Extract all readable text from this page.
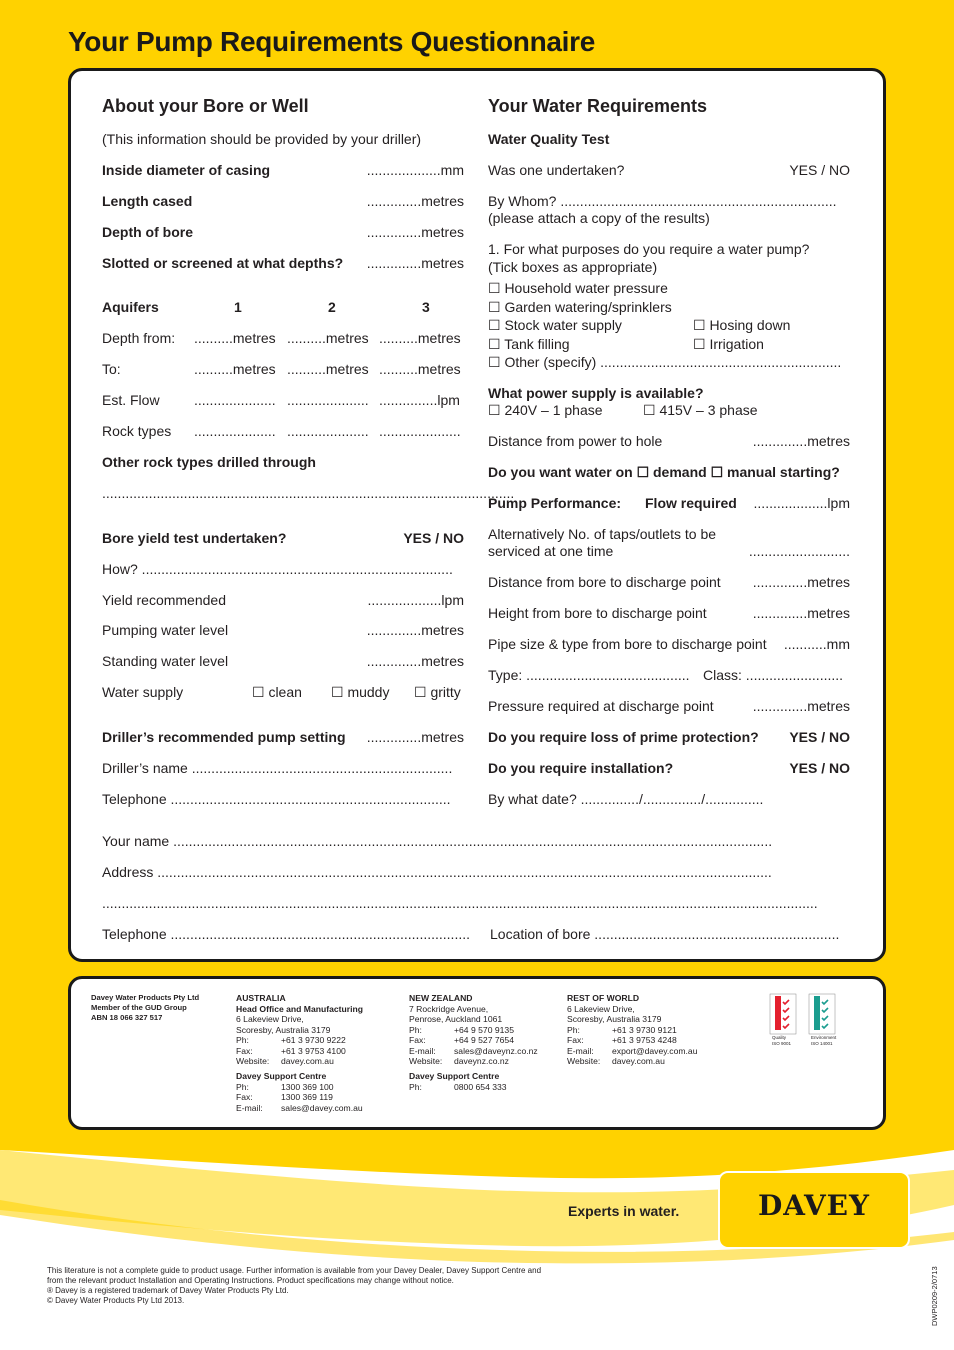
Your Pump Requirements Questionnaire
About your Bore or Well
(This information should be provided by your driller)
Inside diameter of casing	...................mm
Length cased	..............metres
Depth of bore	..............metres
Slotted or screened at what depths?	..............metres
Aquifers	1	2	3
Depth from: ..........metres ..........metres ..........metres
To:	..........metres ..........metres ..........metres
Est. Flow ..................... ..................... ...............lpm
Rock types ..................... ..................... .....................
Other rock types drilled through
..........................................................................................................
Bore yield test undertaken?	YES / NO
How? ................................................................................
Yield recommended	...................lpm
Pumping water level	..............metres
Standing water level	..............metres
Water supply	☐ clean ☐ muddy ☐ gritty
Driller’s recommended pump setting	..............metres
Driller’s name ...................................................................
Telephone ........................................................................
Your Water Requirements
Water Quality Test
Was one undertaken?	YES / NO
By Whom? .......................................................................
(please attach a copy of the results)
1. For what purposes do you require a water pump?
(Tick boxes as appropriate)
☐ Household water pressure
☐ Garden watering/sprinklers
☐ Stock water supply	☐ Hosing down
☐ Tank filling	☐ Irrigation
☐ Other (specify) ..............................................................
What power supply is available?
☐ 240V – 1 phase	☐ 415V – 3 phase
Distance from power to hole	..............metres
Do you want water on ☐ demand ☐ manual starting?
Pump Performance: Flow required	...................lpm
Alternatively No. of taps/outlets to be
serviced at one time	..........................
Distance from bore to discharge point	..............metres
Height from bore to discharge point	..............metres
Pipe size & type from bore to discharge point	...........mm
Type: .......................................... Class: .........................
Pressure required at discharge point	..............metres
Do you require loss of prime protection?	YES / NO
Do you require installation?	YES / NO
By what date? .............../.............../...............
Your name ..........................................................................................................................................................
Address ..............................................................................................................................................................
........................................................................................................................................................................................
Telephone .............................................................................	Location of bore ...............................................................
Davey Water Products Pty Ltd
Member of the GUD Group
ABN 18 066 327 517
AUSTRALIA
Head Office and Manufacturing
6 Lakeview Drive,
Scoresby, Australia 3179
Ph:	+61 3 9730 9222
Fax:	+61 3 9753 4100
Website: davey.com.au
Davey Support Centre
Ph:	1300 369 100
Fax:	1300 369 119
E-mail: sales@davey.com.au
NEW ZEALAND
7 Rockridge Avenue,
Penrose, Auckland 1061
Ph:	+64 9 570 9135
Fax:	+64 9 527 7654
E-mail: sales@daveynz.co.nz
Website: daveynz.co.nz
Davey Support Centre
Ph:	0800 654 333
REST OF WORLD
6 Lakeview Drive,
Scoresby, Australia 3179
Ph:	+61 3 9730 9121
Fax:	+61 3 9753 4248
E-mail: export@davey.com.au
Website: davey.com.au
Quality
ISO 9001
Environment
ISO 14001
Experts in water.	DAVEY
This literature is not a complete guide to product usage. Further information is available from your Davey Dealer, Davey Support Centre and
from the relevant product Installation and Operating Instructions. Product specifications may change without notice.
® Davey is a registered trademark of Davey Water Products Pty Ltd.
© Davey Water Products Pty Ltd 2013.	DWP0209-2/0713
